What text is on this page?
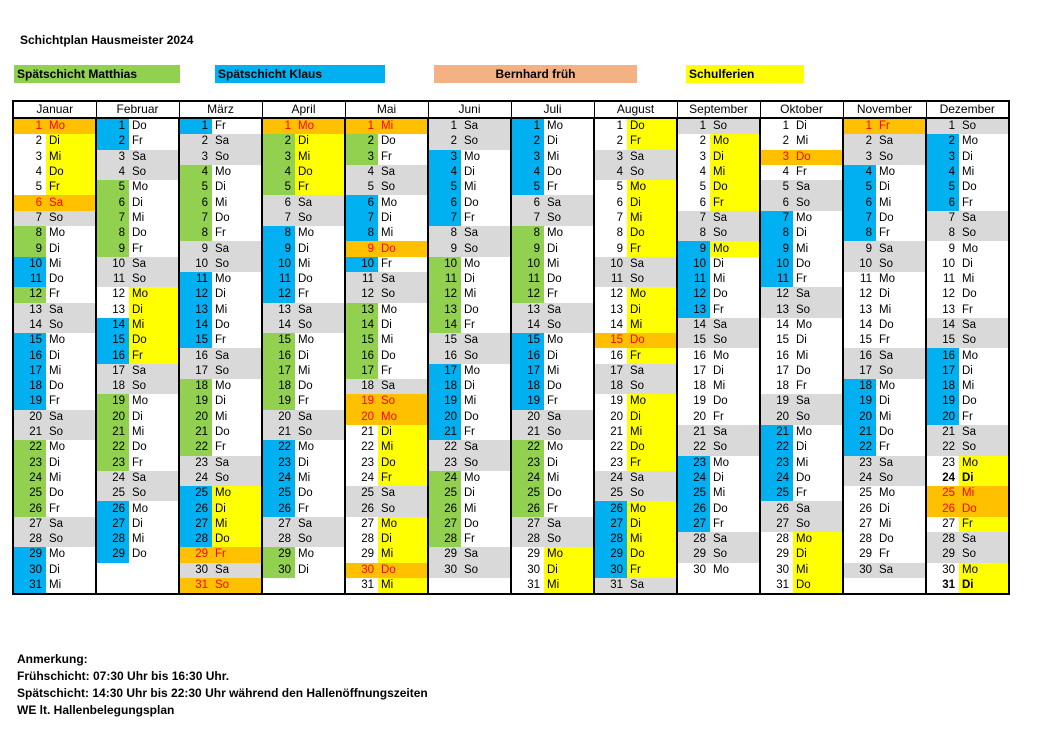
Schichtplan Hausmeister 2024
Spätschicht Matthias	Spätschicht Klaus	Bernhard früh	Schulferien
Januar		Februar		März		April		Mai		Juni		Juli		August		September		Oktober		November		Dezember	
1	Mo	1	Do	1	Fr	1	Mo	1	Mi	1	Sa	1	Mo	1	Do	1	So	1	Di	1	Fr	1	So
2	Di	2	Fr	2	Sa	2	Di	2	Do	2	So	2	Di	2	Fr	2	Mo	2	Mi	2	Sa	2	Mo
3	Mi	3	Sa	3	So	3	Mi	3	Fr	3	Mo	3	Mi	3	Sa	3	Di	3	Do	3	So	3	Di
4	Do	4	So	4	Mo	4	Do	4	Sa	4	Di	4	Do	4	So	4	Mi	4	Fr	4	Mo	4	Mi
5	Fr	5	Mo	5	Di	5	Fr	5	So	5	Mi	5	Fr	5	Mo	5	Do	5	Sa	5	Di	5	Do
6	Sa	6	Di	6	Mi	6	Sa	6	Mo	6	Do	6	Sa	6	Di	6	Fr	6	So	6	Mi	6	Fr
7	So	7	Mi	7	Do	7	So	7	Di	7	Fr	7	So	7	Mi	7	Sa	7	Mo	7	Do	7	Sa
8	Mo	8	Do	8	Fr	8	Mo	8	Mi	8	Sa	8	Mo	8	Do	8	So	8	Di	8	Fr	8	So
9	Di	9	Fr	9	Sa	9	Di	9	Do	9	So	9	Di	9	Fr	9	Mo	9	Mi	9	Sa	9	Mo
10	Mi	10	Sa	10	So	10	Mi	10	Fr	10	Mo	10	Mi	10	Sa	10	Di	10	Do	10	So	10	Di
11	Do	11	So	11	Mo	11	Do	11	Sa	11	Di	11	Do	11	So	11	Mi	11	Fr	11	Mo	11	Mi
12	Fr	12	Mo	12	Di	12	Fr	12	So	12	Mi	12	Fr	12	Mo	12	Do	12	Sa	12	Di	12	Do
13	Sa	13	Di	13	Mi	13	Sa	13	Mo	13	Do	13	Sa	13	Di	13	Fr	13	So	13	Mi	13	Fr
14	So	14	Mi	14	Do	14	So	14	Di	14	Fr	14	So	14	Mi	14	Sa	14	Mo	14	Do	14	Sa
15	Mo	15	Do	15	Fr	15	Mo	15	Mi	15	Sa	15	Mo	15	Do	15	So	15	Di	15	Fr	15	So
16	Di	16	Fr	16	Sa	16	Di	16	Do	16	So	16	Di	16	Fr	16	Mo	16	Mi	16	Sa	16	Mo
17	Mi	17	Sa	17	So	17	Mi	17	Fr	17	Mo	17	Mi	17	Sa	17	Di	17	Do	17	So	17	Di
18	Do	18	So	18	Mo	18	Do	18	Sa	18	Di	18	Do	18	So	18	Mi	18	Fr	18	Mo	18	Mi
19	Fr	19	Mo	19	Di	19	Fr	19	So	19	Mi	19	Fr	19	Mo	19	Do	19	Sa	19	Di	19	Do
20	Sa	20	Di	20	Mi	20	Sa	20	Mo	20	Do	20	Sa	20	Di	20	Fr	20	So	20	Mi	20	Fr
21	So	21	Mi	21	Do	21	So	21	Di	21	Fr	21	So	21	Mi	21	Sa	21	Mo	21	Do	21	Sa
22	Mo	22	Do	22	Fr	22	Mo	22	Mi	22	Sa	22	Mo	22	Do	22	So	22	Di	22	Fr	22	So
23	Di	23	Fr	23	Sa	23	Di	23	Do	23	So	23	Di	23	Fr	23	Mo	23	Mi	23	Sa	23	Mo
24	Mi	24	Sa	24	So	24	Mi	24	Fr	24	Mo	24	Mi	24	Sa	24	Di	24	Do	24	So	24	Di
25	Do	25	So	25	Mo	25	Do	25	Sa	25	Di	25	Do	25	So	25	Mi	25	Fr	25	Mo	25	Mi
26	Fr	26	Mo	26	Di	26	Fr	26	So	26	Mi	26	Fr	26	Mo	26	Do	26	Sa	26	Di	26	Do
27	Sa	27	Di	27	Mi	27	Sa	27	Mo	27	Do	27	Sa	27	Di	27	Fr	27	So	27	Mi	27	Fr
28	So	28	Mi	28	Do	28	So	28	Di	28	Fr	28	So	28	Mi	28	Sa	28	Mo	28	Do	28	Sa
29	Mo	29	Do	29	Fr	29	Mo	29	Mi	29	Sa	29	Mo	29	Do	29	So	29	Di	29	Fr	29	So
30	Di			30	Sa	30	Di	30	Do	30	So	30	Di	30	Fr	30	Mo	30	Mi	30	Sa	30	Mo
31	Mi			31	So			31	Mi			31	Mi	31	Sa			31	Do			31	Di
Anmerkung:
Frühschicht: 07:30 Uhr bis 16:30 Uhr.
Spätschicht: 14:30 Uhr bis 22:30 Uhr während den Hallenöffnungszeiten
WE lt. Hallenbelegungsplan
